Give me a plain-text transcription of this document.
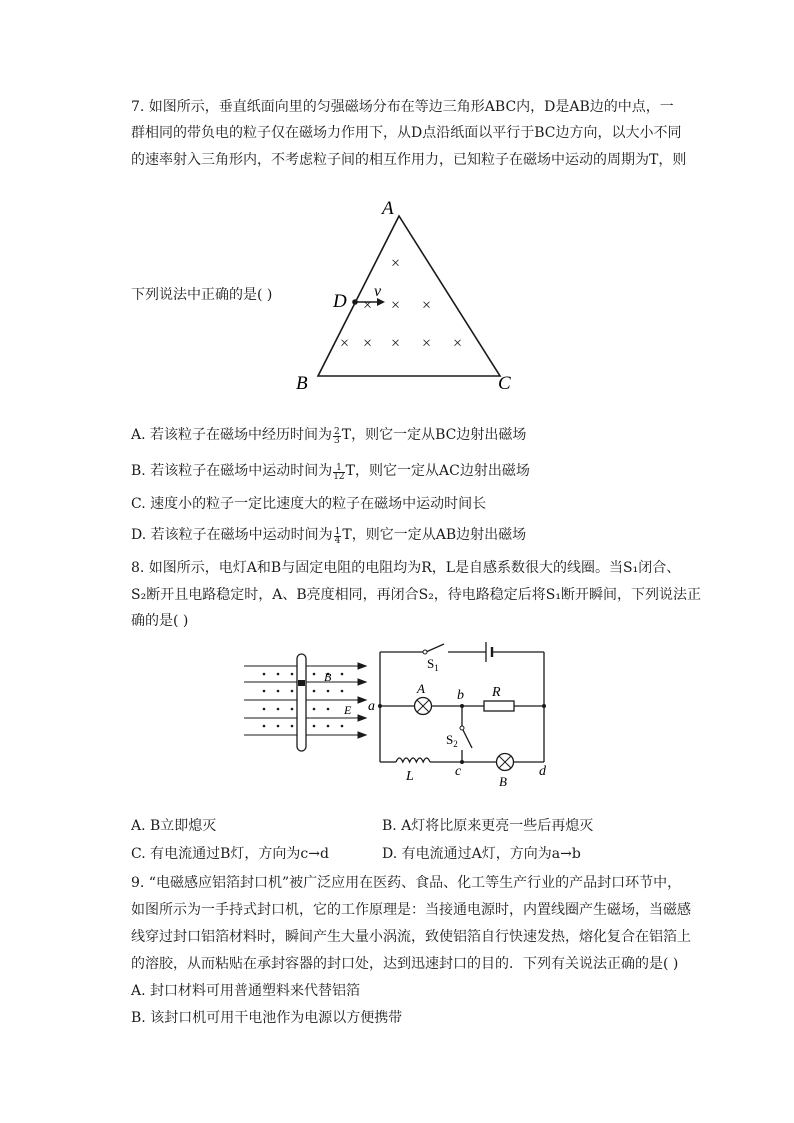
7. 如图所示，垂直纸面向里的匀强磁场分布在等边三角形ABC内，D是AB边的中点，一
群相同的带负电的粒子仅在磁场力作用下，从D点沿纸面以平行于BC边方向，以大小不同
的速率射入三角形内，不考虑粒子间的相互作用力，已知粒子在磁场中运动的周期为T，则
下列说法中正确的是( )
A
B	C
D v
×
× × ×
× × × × ×
A. 若该粒子在磁场中经历时间为 $\frac{2}{3}$ T，则它一定从BC边射出磁场
B. 若该粒子在磁场中运动时间为 $\frac{1}{12}$ T，则它一定从AC边射出磁场
C. 速度小的粒子一定比速度大的粒子在磁场中运动时间长
D. 若该粒子在磁场中运动时间为 $\frac{1}{4}$ T，则它一定从AB边射出磁场
8. 如图所示，电灯A和B与固定电阻的电阻均为R，L是自感系数很大的线圈。当S₁闭合、
S₂断开且电路稳定时，A、B亮度相同，再闭合S₂，待电路稳定后将S₁断开瞬间，下列说法正
确的是( )
B
E
$S_1$
A	R
$S_2$
L	B
a
b
c	d
A. B立即熄灭	B. A灯将比原来更亮一些后再熄灭
C. 有电流通过B灯，方向为c→d	D. 有电流通过A灯，方向为a→b
9. “电磁感应铝箔封口机”被广泛应用在医药、食品、化工等生产行业的产品封口环节中，
如图所示为一手持式封口机，它的工作原理是：当接通电源时，内置线圈产生磁场，当磁感
线穿过封口铝箔材料时，瞬间产生大量小涡流，致使铝箔自行快速发热，熔化复合在铝箔上
的溶胶，从而粘贴在承封容器的封口处，达到迅速封口的目的．下列有关说法正确的是( )
A. 封口材料可用普通塑料来代替铝箔
B. 该封口机可用干电池作为电源以方便携带
